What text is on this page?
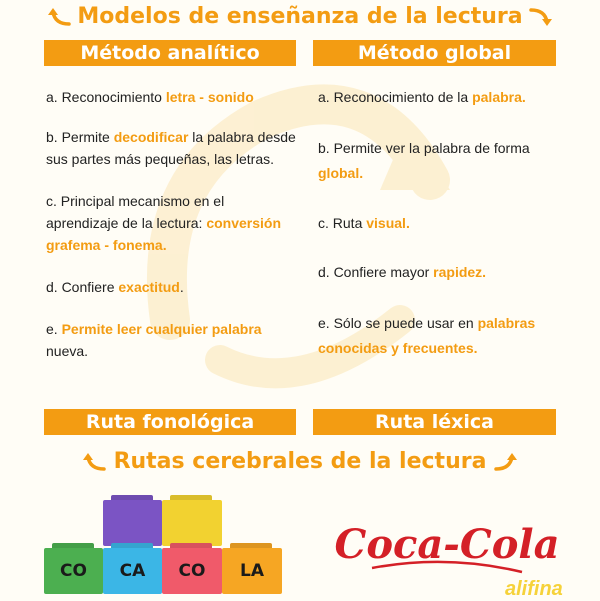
Modelos de enseñanza de la lectura
Método analítico	Método global

a. Reconocimiento letra - sonido

b. Permite decodificar la palabra desde sus partes más pequeñas, las letras.

c. Principal mecanismo en el aprendizaje de la lectura: conversión grafema - fonema.

d. Confiere exactitud.

e. Permite leer cualquier palabra nueva.

a. Reconocimiento de la palabra.

b. Permite ver la palabra de forma global.

c. Ruta visual.

d. Confiere mayor rapidez.

e. Sólo se puede usar en palabras conocidas y frecuentes.

Ruta fonológica	Ruta léxica
Rutas cerebrales de la lectura
CO	CA	CO	LA
Coca-Cola
alifina
